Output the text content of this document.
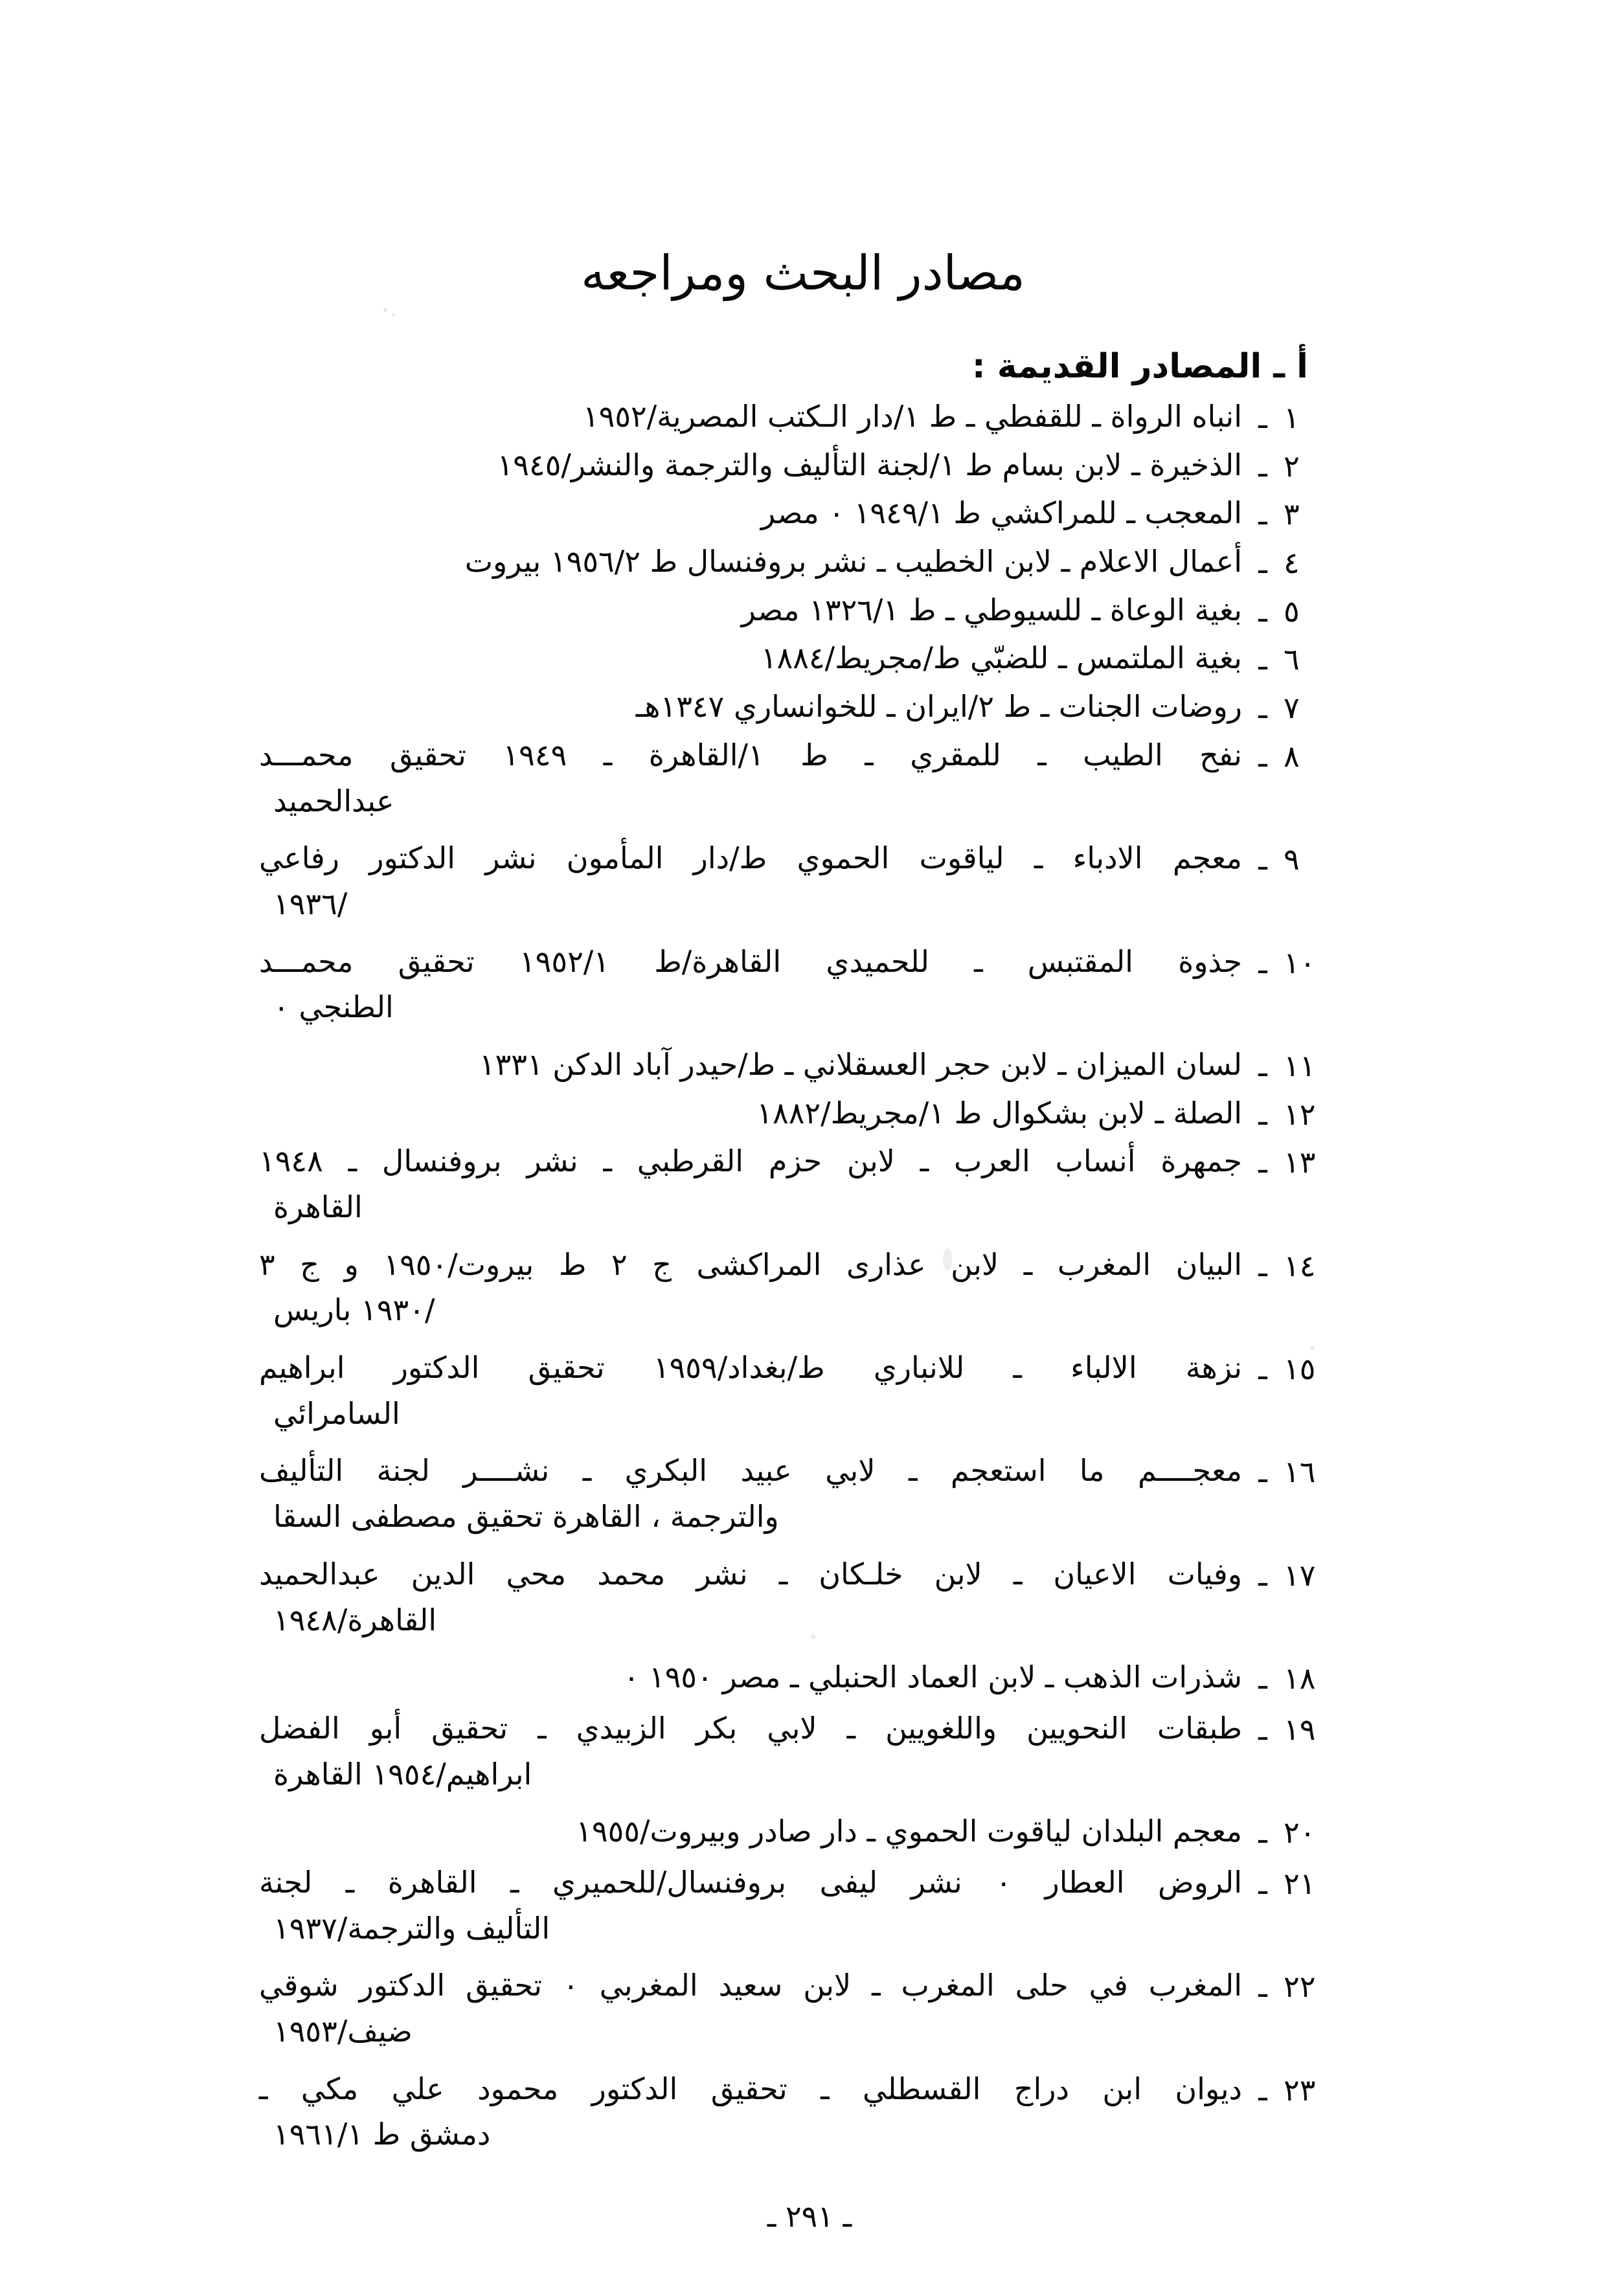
مصادر البحث ومراجعه
أ ـ المصادر القديمة :
١
ـ
انباه الرواة ـ للقفطي ـ ط ١/دار الـكتب المصرية/١٩٥٢
٢
ـ
الذخيرة ـ لابن بسام ط ١/لجنة التأليف والترجمة والنشر/١٩٤٥
٣
ـ
المعجب ـ للمراكشي ط ١٩٤٩/١ ٠ مصر
٤
ـ
أعمال الاعلام ـ لابن الخطيب ـ نشر بروفنسال ط ١٩٥٦/٢ بيروت
٥
ـ
بغية الوعاة ـ للسيوطي ـ ط ١٣٢٦/١ مصر
٦
ـ
بغية الملتمس ـ للضبّي ط/مجريط/١٨٨٤
٧
ـ
روضات الجنات ـ ط ٢/ايران ـ للخوانساري ١٣٤٧هـ
٨
ـ
نفح الطيب ـ للمقري ـ ط ١/القاهرة ـ ١٩٤٩ تحقيق محمـــد
عبدالحميد
٩
ـ
معجم الادباء ـ لياقوت الحموي ط/دار المأمون نشر الدكتور رفاعي
/١٩٣٦
١٠
ـ
جذوة المقتبس ـ للحميدي القاهرة/ط ١٩٥٢/١ تحقيق محمـــد
الطنجي ٠
١١
ـ
لسان الميزان ـ لابن حجر العسقلاني ـ ط/حيدر آباد الدكن ١٣٣١
١٢
ـ
الصلة ـ لابن بشكوال ط ١/مجريط/١٨٨٢
١٣
ـ
جمهرة أنساب العرب ـ لابن حزم القرطبي ـ نشر بروفنسال ـ ١٩٤٨
القاهرة
١٤
ـ
البيان المغرب ـ لابن عذارى المراكشى ج ٢ ط بيروت/١٩٥٠ و ج ٣
/١٩٣٠ باريس
١٥
ـ
نزهة الالباء ـ للانباري ط/بغداد/١٩٥٩ تحقيق الدكتور ابراهيم
السامرائي
١٦
ـ
معجــــم ما استعجم ـ لابي عبيد البكري ـ نشــــر لجنة التأليف
والترجمة ، القاهرة تحقيق مصطفى السقا
١٧
ـ
وفيات الاعيان ـ لابن خلـكان ـ نشر محمد محي الدين عبدالحميد
القاهرة/١٩٤٨
١٨
ـ
شذرات الذهب ـ لابن العماد الحنبلي ـ مصر ١٩٥٠ ٠
١٩
ـ
طبقات النحويين واللغويين ـ لابي بكر الزبيدي ـ تحقيق أبو الفضل
ابراهيم/١٩٥٤ القاهرة
٢٠
ـ
معجم البلدان لياقوت الحموي ـ دار صادر وبيروت/١٩٥٥
٢١
ـ
الروض العطار ٠ نشر ليفى بروفنسال/للحميري ـ القاهرة ـ لجنة
التأليف والترجمة/١٩٣٧
٢٢
ـ
المغرب في حلى المغرب ـ لابن سعيد المغربي ٠ تحقيق الدكتور شوقي
ضيف/١٩٥٣
٢٣
ـ
ديوان ابن دراج القسطلي ـ تحقيق الدكتور محمود علي مكي ـ
دمشق ط ١٩٦١/١
ـ ٢٩١ ـ
